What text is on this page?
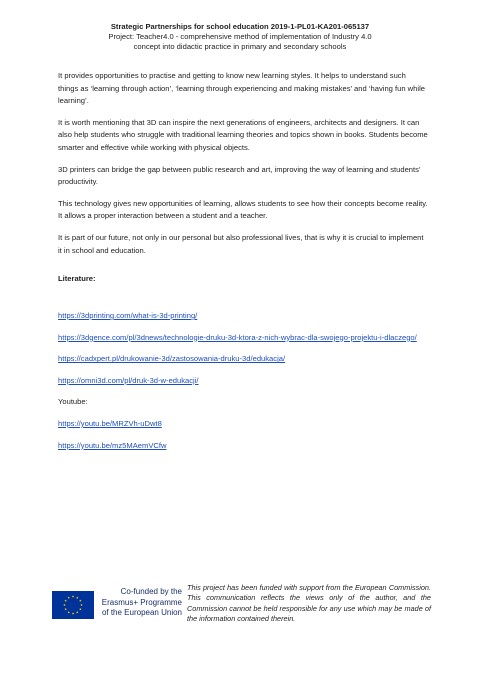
Strategic Partnerships for school education 2019-1-PL01-KA201-065137
Project: Teacher4.0 - comprehensive method of implementation of Industry 4.0
concept into didactic practice in primary and secondary schools

It provides opportunities to practise and getting to know new learning styles. It helps to understand such things as ‘learning through action’, ‘learning through experiencing and making mistakes’ and ‘having fun while learning’.

It is worth mentioning that 3D can inspire the next generations of engineers, architects and designers. It can also help students who struggle with traditional learning theories and topics shown in books. Students become smarter and effective while working with physical objects.

3D printers can bridge the gap between public research and art, improving the way of learning and students’ productivity.

This technology gives new opportunities of learning, allows students to see how their concepts become reality. It allows a proper interaction between a student and a teacher.

It is part of our future, not only in our personal but also professional lives, that is why it is crucial to implement it in school and education.

Literature:
https://3dprinting.com/what-is-3d-printing/
https://3dgence.com/pl/3dnews/technologie-druku-3d-ktora-z-nich-wybrac-dla-swojego-projektu-i-dlaczego/
https://cadxpert.pl/drukowanie-3d/zastosowania-druku-3d/edukacja/
https://omni3d.com/pl/druk-3d-w-edukacji/
Youtube:
https://youtu.be/MRZVh-uDwt8
https://youtu.be/mz5MAemVCfw
Co-funded by the
Erasmus+ Programme
of the European Union
This project has been funded with support from the European Commission. This communication reflects the views only of the author, and the Commission cannot be held responsible for any use which may be made of the information contained therein.
